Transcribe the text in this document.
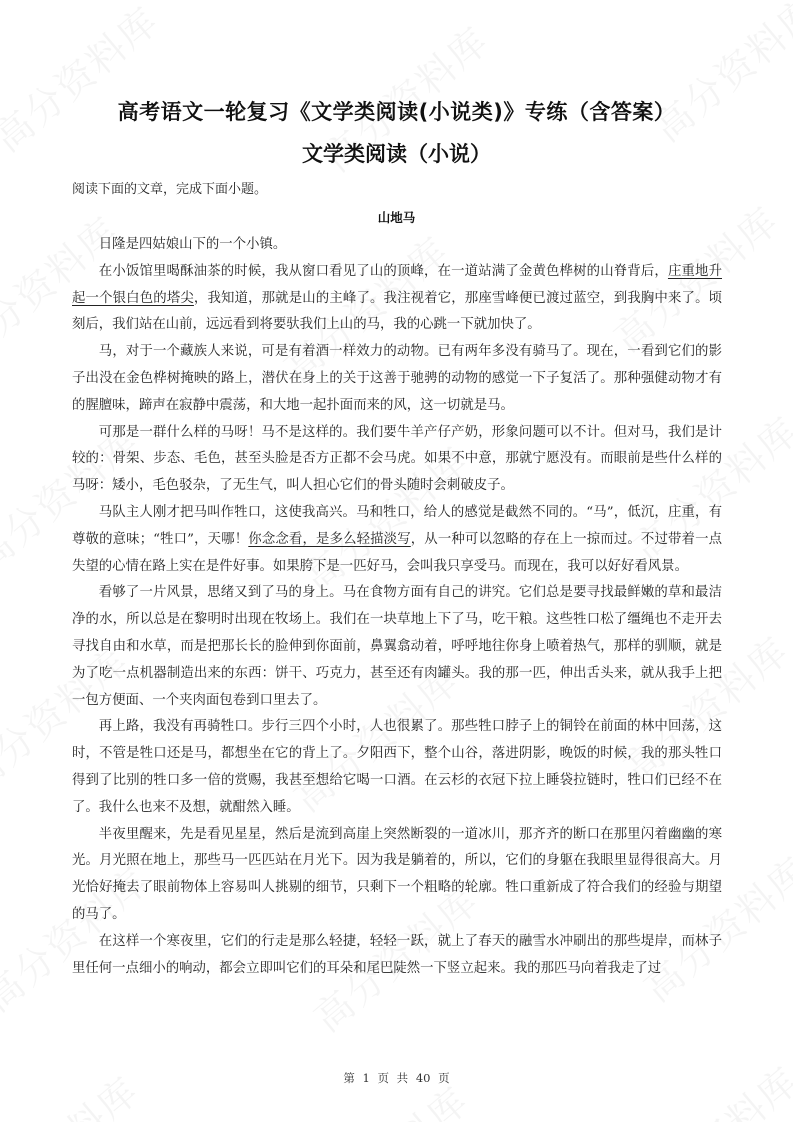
高考语文一轮复习《文学类阅读(小说类)》专练（含答案）
文学类阅读（小说）
阅读下面的文章，完成下面小题。
山地马

日隆是四姑娘山下的一个小镇。

在小饭馆里喝酥油茶的时候，我从窗口看见了山的顶峰，在一道站满了金黄色桦树的山脊背后，庄重地升起一个银白色的塔尖，我知道，那就是山的主峰了。我注视着它，那座雪峰便已渡过蓝空，到我胸中来了。顷刻后，我们站在山前，远远看到将要驮我们上山的马，我的心跳一下就加快了。

马，对于一个藏族人来说，可是有着酒一样效力的动物。已有两年多没有骑马了。现在，一看到它们的影子出没在金色桦树掩映的路上，潜伏在身上的关于这善于驰骋的动物的感觉一下子复活了。那种强健动物才有的腥膻味，蹄声在寂静中震荡，和大地一起扑面而来的风，这一切就是马。

可那是一群什么样的马呀！马不是这样的。我们要牛羊产仔产奶，形象问题可以不计。但对马，我们是计较的：骨架、步态、毛色，甚至头脸是否方正都不会马虎。如果不中意，那就宁愿没有。而眼前是些什么样的马呀：矮小，毛色驳杂，了无生气，叫人担心它们的骨头随时会刺破皮子。

马队主人刚才把马叫作牲口，这使我高兴。马和牲口，给人的感觉是截然不同的。“马”，低沉，庄重，有尊敬的意味；“牲口”，天哪！你念念看，是多么轻描淡写，从一种可以忽略的存在上一掠而过。不过带着一点失望的心情在路上实在是件好事。如果胯下是一匹好马，会叫我只享受马。而现在，我可以好好看风景。

看够了一片风景，思绪又到了马的身上。马在食物方面有自己的讲究。它们总是要寻找最鲜嫩的草和最洁净的水，所以总是在黎明时出现在牧场上。我们在一块草地上下了马，吃干粮。这些牲口松了缰绳也不走开去寻找自由和水草，而是把那长长的脸伸到你面前，鼻翼翕动着，呼呼地往你身上喷着热气，那样的驯顺，就是为了吃一点机器制造出来的东西：饼干、巧克力，甚至还有肉罐头。我的那一匹，伸出舌头来，就从我手上把一包方便面、一个夹肉面包卷到口里去了。

再上路，我没有再骑牲口。步行三四个小时，人也很累了。那些牲口脖子上的铜铃在前面的林中回荡，这时，不管是牲口还是马，都想坐在它的背上了。夕阳西下，整个山谷，落进阴影，晚饭的时候，我的那头牲口得到了比别的牲口多一倍的赏赐，我甚至想给它喝一口酒。在云杉的衣冠下拉上睡袋拉链时，牲口们已经不在了。我什么也来不及想，就酣然入睡。

半夜里醒来，先是看见星星，然后是流到高崖上突然断裂的一道冰川，那齐齐的断口在那里闪着幽幽的寒光。月光照在地上，那些马一匹匹站在月光下。因为我是躺着的，所以，它们的身躯在我眼里显得很高大。月光恰好掩去了眼前物体上容易叫人挑剔的细节，只剩下一个粗略的轮廓。牲口重新成了符合我们的经验与期望的马了。

在这样一个寒夜里，它们的行走是那么轻捷，轻轻一跃，就上了春天的融雪水冲刷出的那些堤岸，而林子里任何一点细小的响动，都会立即叫它们的耳朵和尾巴陡然一下竖立起来。我的那匹马向着我走了过

第 1 页 共 40 页
